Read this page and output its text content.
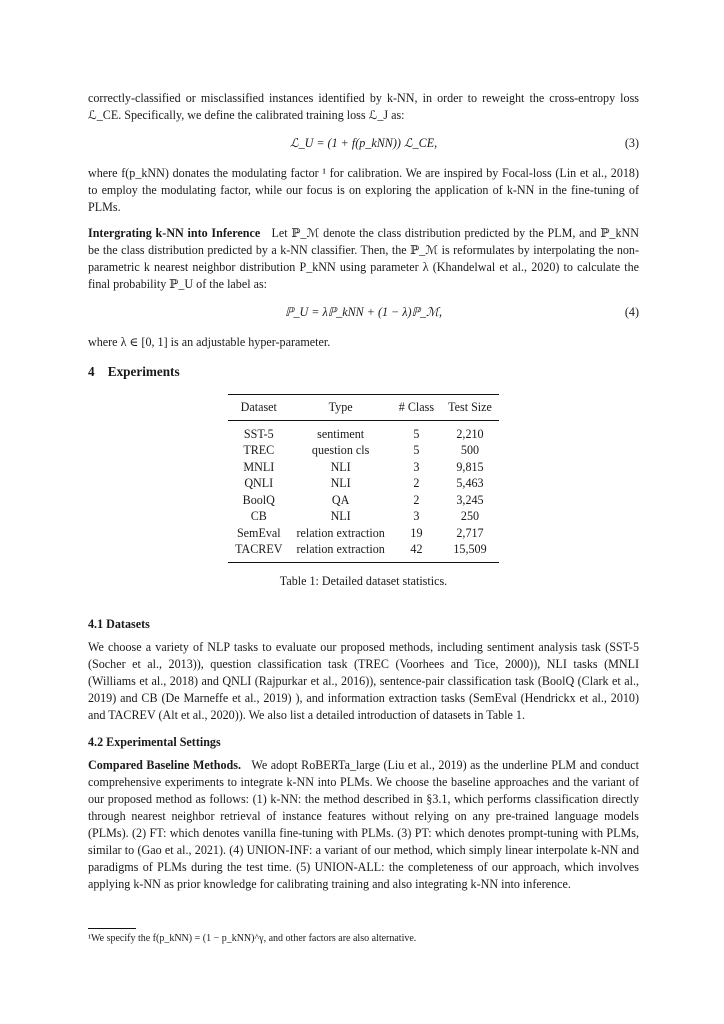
correctly-classified or misclassified instances identified by k-NN, in order to reweight the cross-entropy loss ℒ_CE. Specifically, we define the calibrated training loss ℒ_J as:

ℒ_U = (1 + f(p_kNN)) ℒ_CE,	(3)

where f(p_kNN) donates the modulating factor ¹ for calibration. We are inspired by Focal-loss (Lin et al., 2018) to employ the modulating factor, while our focus is on exploring the application of k-NN in the fine-tuning of PLMs.

Intergrating k-NN into Inference Let ℙ_ℳ denote the class distribution predicted by the PLM, and ℙ_kNN be the class distribution predicted by a k-NN classifier. Then, the ℙ_ℳ is reformulates by interpolating the non-parametric k nearest neighbor distribution P_kNN using parameter λ (Khandelwal et al., 2020) to calculate the final probability ℙ_U of the label as:

ℙ_U = λℙ_kNN + (1 − λ)ℙ_ℳ,	(4)

where λ ∈ [0, 1] is an adjustable hyper-parameter.

4 Experiments
Dataset	Type	# Class	Test Size
SST-5	sentiment	5	2,210
TREC	question cls	5	500
MNLI	NLI	3	9,815
QNLI	NLI	2	5,463
BoolQ	QA	2	3,245
CB	NLI	3	250
SemEval	relation extraction	19	2,717
TACREV	relation extraction	42	15,509
Table 1: Detailed dataset statistics.
4.1 Datasets

We choose a variety of NLP tasks to evaluate our proposed methods, including sentiment analysis task (SST-5 (Socher et al., 2013)), question classification task (TREC (Voorhees and Tice, 2000)), NLI tasks (MNLI (Williams et al., 2018) and QNLI (Rajpurkar et al., 2016)), sentence-pair classification task (BoolQ (Clark et al., 2019) and CB (De Marneffe et al., 2019) ), and information extraction tasks (SemEval (Hendrickx et al., 2010) and TACREV (Alt et al., 2020)). We also list a detailed introduction of datasets in Table 1.

4.2 Experimental Settings

Compared Baseline Methods. We adopt RoBERTa_large (Liu et al., 2019) as the underline PLM and conduct comprehensive experiments to integrate k-NN into PLMs. We choose the baseline approaches and the variant of our proposed method as follows: (1) k-NN: the method described in §3.1, which performs classification directly through nearest neighbor retrieval of instance features without relying on any pre-trained language models (PLMs). (2) FT: which denotes vanilla fine-tuning with PLMs. (3) PT: which denotes prompt-tuning with PLMs, similar to (Gao et al., 2021). (4) UNION-INF: a variant of our method, which simply linear interpolate k-NN and paradigms of PLMs during the test time. (5) UNION-ALL: the completeness of our approach, which involves applying k-NN as prior knowledge for calibrating training and also integrating k-NN into inference.

¹We specify the f(p_kNN) = (1 − p_kNN)^γ, and other factors are also alternative.
